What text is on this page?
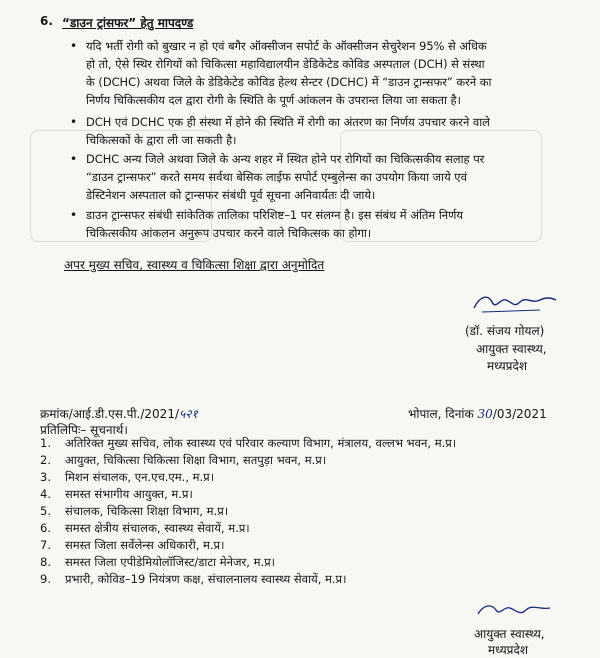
6. “डाउन ट्रांसफर” हेतु मापदण्ड
• यदि भर्ती रोगी को बुखार न हो एवं बगैर ऑक्सीजन सपोर्ट के ऑक्सीजन सेचुरेशन 95% से अधिक
हो तो, ऐसे स्थिर रोगियों को चिकित्सा महाविद्यालयीन डेडिकेटेड कोविड अस्पताल (DCH) से संस्था
के (DCHC) अथवा जिले के डेडिकेटेड कोविड हेल्थ सेन्टर (DCHC) में “डाउन ट्रान्सफर” करने का
निर्णय चिकित्सकीय दल द्वारा रोगी के स्थिति के पूर्ण आंकलन के उपरान्त लिया जा सकता है।
• DCH एवं DCHC एक ही संस्था में होने की स्थिति में रोगी का अंतरण का निर्णय उपचार करने वाले
चिकित्सकों के द्वारा ली जा सकती है।
• DCHC अन्य जिले अथवा जिले के अन्य शहर में स्थित होने पर रोगियों का चिकित्सकीय सलाह पर
“डाउन ट्रान्सफर” करते समय सर्वथा बेसिक लाईफ सपोर्ट एम्बुलेन्स का उपयोग किया जाये एवं
डेस्टिनेशन अस्पताल को ट्रान्सफर संबंधी पूर्व सूचना अनिवार्यतः दी जाये।
• डाउन ट्रान्सफर संबंधी सांकेतिक तालिका परिशिष्ट–1 पर संलग्न है। इस संबंध में अंतिम निर्णय
चिकित्सकीय आंकलन अनुरूप उपचार करने वाले चिकित्सक का होगा।
अपर मुख्य सचिव, स्वास्थ्य व चिकित्सा शिक्षा द्वारा अनुमोदित
(डॉ. संजय गोयल)
आयुक्त स्वास्थ्य,
मध्यप्रदेश
क्रमांक/आई.डी.एस.पी./2021/५२१	भोपाल, दिनांक 30/03/2021
प्रतिलिपिः– सूचनार्थ।
1. अतिरिक्त मुख्य सचिव, लोक स्वास्थ्य एवं परिवार कल्याण विभाग, मंत्रालय, वल्लभ भवन, म.प्र।
2. आयुक्त, चिकित्सा चिकित्सा शिक्षा विभाग, सतपुड़ा भवन, म.प्र।
3. मिशन संचालक, एन.एच.एम., म.प्र।
4. समस्त संभागीय आयुक्त, म.प्र।
5. संचालक, चिकित्सा शिक्षा विभाग, म.प्र।
6. समस्त क्षेत्रीय संचालक, स्वास्थ्य सेवायें, म.प्र।
7. समस्त जिला सर्वेलेन्स अधिकारी, म.प्र।
8. समस्त जिला एपीडेमियोलॉजिस्ट/डाटा मेनेजर, म.प्र।
9. प्रभारी, कोविड–19 नियंत्रण कक्ष, संचालनालय स्वास्थ्य सेवायें, म.प्र।
आयुक्त स्वास्थ्य,
मध्यप्रदेश
